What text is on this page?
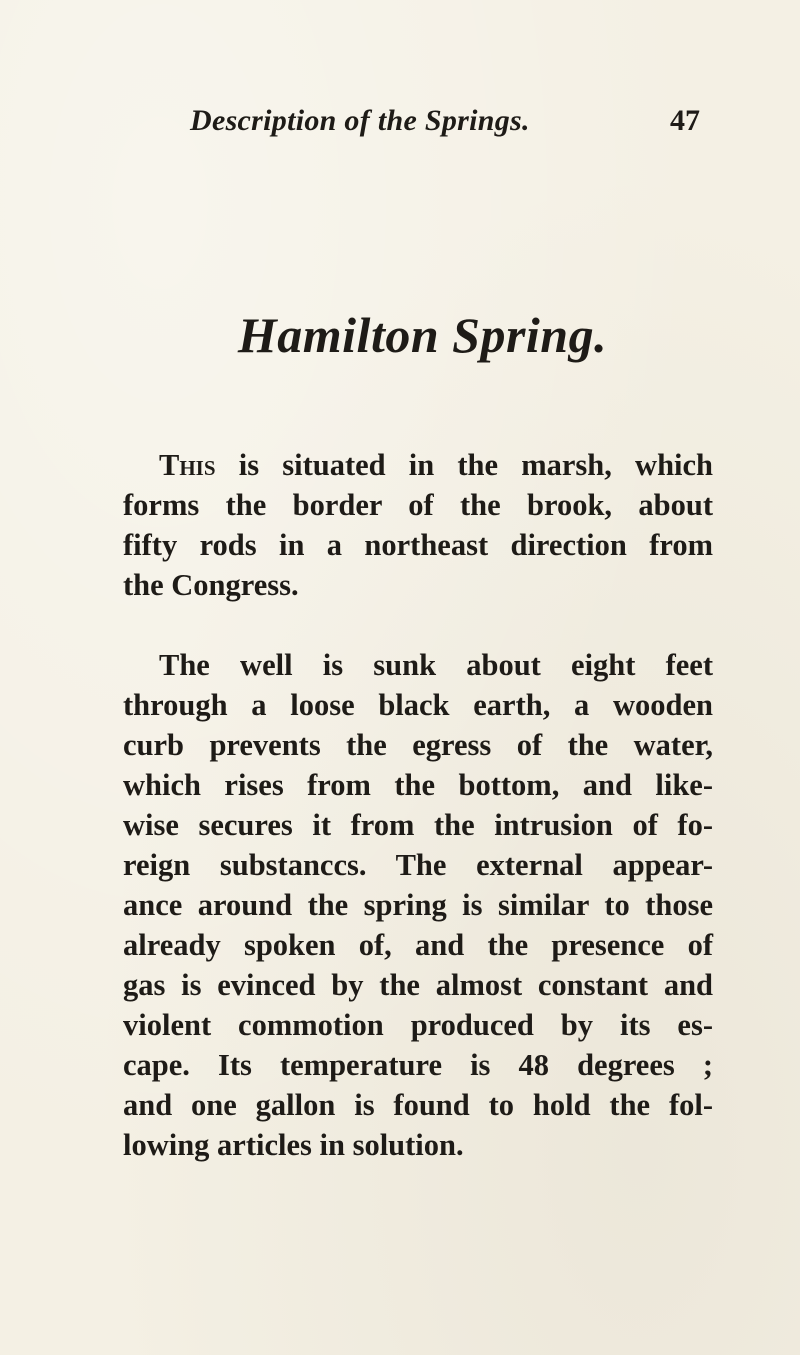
Description of the Springs.	47
Hamilton Spring.
This is situated in the marsh, which
forms the border of the brook, about
fifty rods in a northeast direction from
the Congress.
The well is sunk about eight feet
through a loose black earth, a wooden
curb prevents the egress of the water,
which rises from the bottom, and like-
wise secures it from the intrusion of fo-
reign substanccs. The external appear-
ance around the spring is similar to those
already spoken of, and the presence of
gas is evinced by the almost constant and
violent commotion produced by its es-
cape. Its temperature is 48 degrees ;
and one gallon is found to hold the fol-
lowing articles in solution.
